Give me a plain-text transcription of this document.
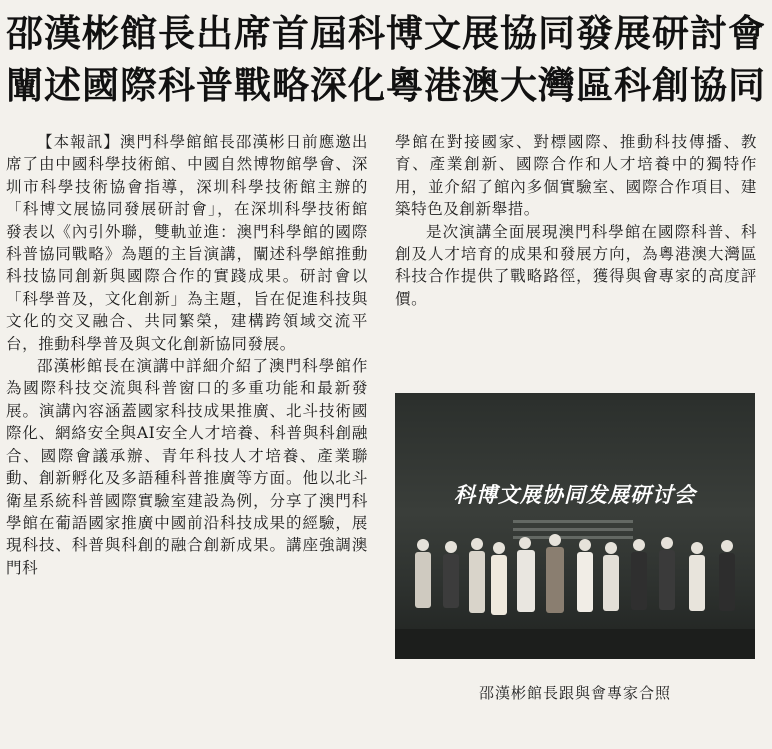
邵漢彬館長出席首屆科博文展協同發展研討會
闡述國際科普戰略深化粵港澳大灣區科創協同

【本報訊】澳門科學館館長邵漢彬日前應邀出席了由中國科學技術館、中國自然博物館學會、深圳市科學技術協會指導，深圳科學技術館主辦的「科博文展協同發展研討會」，在深圳科學技術館發表以《內引外聯，雙軌並進：澳門科學館的國際科普協同戰略》為題的主旨演講，闡述科學館推動科技協同創新與國際合作的實踐成果。研討會以「科學普及，文化創新」為主題，旨在促進科技與文化的交叉融合、共同繁榮，建構跨領域交流平台，推動科學普及與文化創新協同發展。

邵漢彬館長在演講中詳細介紹了澳門科學館作為國際科技交流與科普窗口的多重功能和最新發展。演講內容涵蓋國家科技成果推廣、北斗技術國際化、網絡安全與AI安全人才培養、科普與科創融合、國際會議承辦、青年科技人才培養、產業聯動、創新孵化及多語種科普推廣等方面。他以北斗衛星系統科普國際實驗室建設為例，分享了澳門科學館在葡語國家推廣中國前沿科技成果的經驗，展現科技、科普與科創的融合創新成果。講座強調澳門科

學館在對接國家、對標國際、推動科技傳播、教育、產業創新、國際合作和人才培養中的獨特作用，並介紹了館內多個實驗室、國際合作項目、建築特色及創新舉措。

是次演講全面展現澳門科學館在國際科普、科創及人才培育的成果和發展方向，為粵港澳大灣區科技合作提供了戰略路徑，獲得與會專家的高度評價。

科博文展协同发展研讨会
邵漢彬館長跟與會專家合照
